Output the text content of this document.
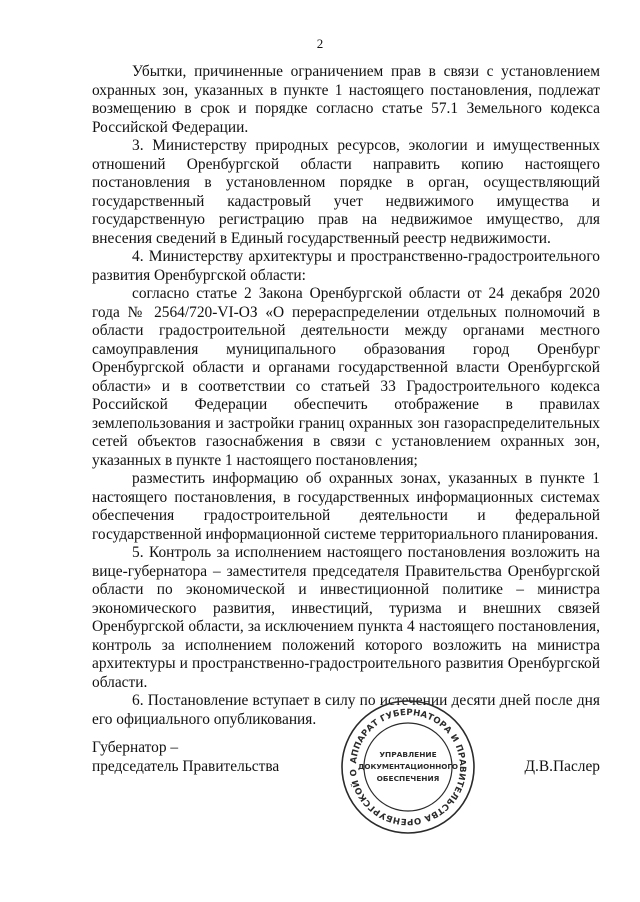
2

Убытки, причиненные ограничением прав в связи с установлением охранных зон, указанных в пункте 1 настоящего постановления, подлежат возмещению в срок и порядке согласно статье 57.1 Земельного кодекса Российской Федерации.

3. Министерству природных ресурсов, экологии и имущественных отношений Оренбургской области направить копию настоящего постановления в установленном порядке в орган, осуществляющий государственный кадастровый учет недвижимого имущества и государственную регистрацию прав на недвижимое имущество, для внесения сведений в Единый государственный реестр недвижимости.

4. Министерству архитектуры и пространственно-градостроительного развития Оренбургской области:

согласно статье 2 Закона Оренбургской области от 24 декабря 2020 года № 2564/720-VI-ОЗ «О перераспределении отдельных полномочий в области градостроительной деятельности между органами местного самоуправления муниципального образования город Оренбург Оренбургской области и органами государственной власти Оренбургской области» и в соответствии со статьей 33 Градостроительного кодекса Российской Федерации обеспечить отображение в правилах землепользования и застройки границ охранных зон газораспределительных сетей объектов газоснабжения в связи с установлением охранных зон, указанных в пункте 1 настоящего постановления;

разместить информацию об охранных зонах, указанных в пункте 1 настоящего постановления, в государственных информационных системах обеспечения градостроительной деятельности и федеральной государственной информационной системе территориального планирования.

5. Контроль за исполнением настоящего постановления возложить на вице-губернатора – заместителя председателя Правительства Оренбургской области по экономической и инвестиционной политике – министра экономического развития, инвестиций, туризма и внешних связей Оренбургской области, за исключением пункта 4 настоящего постановления, контроль за исполнением положений которого возложить на министра архитектуры и пространственно-градостроительного развития Оренбургской области.

6. Постановление вступает в силу по истечении десяти дней после дня его официального опубликования.

Губернатор –
председатель Правительства	Д.В.Паслер
АППАРАТ ГУБЕРНАТОРА И ПРАВИТЕЛЬСТВА ОРЕНБУРГСКОЙ О
УПРАВЛЕНИЕ
ДОКУМЕНТАЦИОННОГО
ОБЕСПЕЧЕНИЯ
